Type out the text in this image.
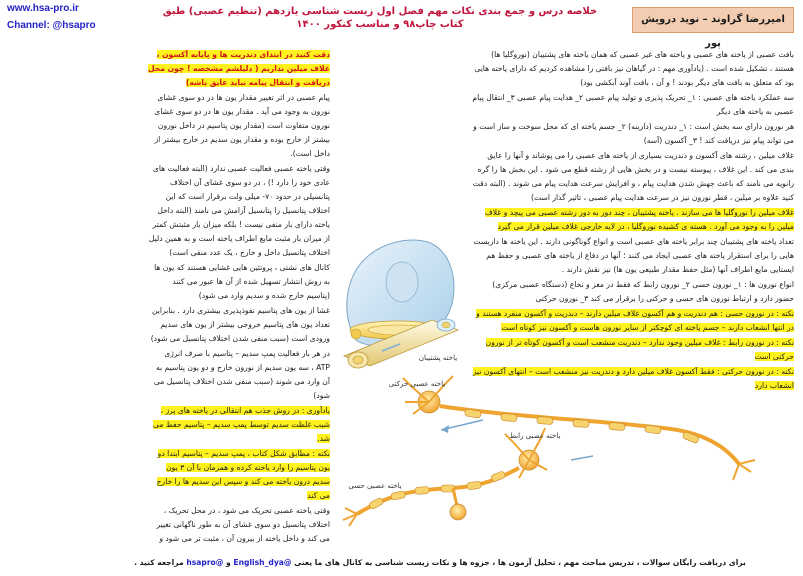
www.hsa-pro.ir
Channel: @hsapro
خلاصه درس و جمع بندی نکات مهم فصل اول زیست شناسی یازدهم (تنظیم عصبی) طبق کتاب چاپ۹۸ و مناسب کنکور ۱۴۰۰	امیررضا گراوند – نوید درویش پور

دقت کنید در ابتدای دندریت ها و پایانه آکسون ، غلاف میلین نداریم ( دلیلشم مشخصه ! چون محل دریافت و انتقال پیامه نباید عایق باشه)

پیام عصبی در اثر تغییر مقدار یون ها در دو سوی غشای نورون به وجود می آید . مقدار یون ها در دو سوی غشای نورون متفاوت است (مقدار یون پتاسیم در داخل نورون بیشتر از خارج بوده و مقدار یون سدیم در خارج بیشتر از داخل است).

وقتی یاخته عصبی فعالیت عصبی ندارد (البته فعالیت های عادی خود را دارد !) ، در دو سوی غشای آن اختلاف پتانسیلی در حدود ۷۰- میلی ولت برقرار است که این اختلاف پتانسیل را پتانسیل آرامش می نامند (البته داخل یاخته دارای بار منفی نیست ! بلکه میزان بار مثبتش کمتر از میزان بار مثبت مایع اطراف یاخته است و به همین دلیل اختلاف پتانسیل داخل و خارج ، یک عدد منفی است)

کانال های نشتی ، پروتئین هایی غشایی هستند که یون ها به روش انتشار تسهیل شده از آن ها عبور می کنند (پتاسیم خارج شده و سدیم وارد می شود)

غشا از یون های پتاسیم نفوذپذیری بیشتری دارد . بنابراین تعداد یون های پتاسیم خروجی بیشتر از یون های سدیم ورودی است (سبب منفی شدن اختلاف پتانسیل می شود)

در هر بار فعالیت پمپ سدیم – پتاسیم با صرف انرژی ATP ، سه یون سدیم از نورون خارج و دو یون پتاسیم به آن وارد می شوند (سبب منفی شدن اختلاف پتانسیل می شود)

یادآوری : در روش جذب هم انتقالی در یاخته های پرز ، شیب غلظت سدیم توسط پمپ سدیم – پتاسیم حفظ می شد.

نکته : مطابق شکل کتاب ، پمپ سدیم – پتاسیم ابتدا دو یون پتاسیم را وارد یاخته کرده و همزمان با آن ۳ یون سدیم درون یاخته می کند و سپس این سدیم ها را خارج می کند

وقتی یاخته عصبی تحریک می شود ، در محل تحریک ، اختلاف پتانسیل دو سوی غشای آن به طور ناگهانی تغییر می کند و داخل یاخته از بیرون آن ، مثبت تر می شود و

یاخته پشتیبان
یاخته عصبی حسی
یاخته عصبی رابط
یاخته عصبی حرکتی

بافت عصبی از یاخته های عصبی و یاخته های غیر عصبی که همان یاخته های پشتیبان (نوروگلیا ها) هستند ، تشکیل شده است . (یادآوری مهم : در گیاهان نیز بافتی را مشاهده کردیم که دارای یاخته هایی بود که متعلق به بافت های دیگر بودند ! و آن ، بافت آوند آبکشی بود)

سه عملکرد یاخته های عصبی : ۱_ تحریک پذیری و تولید پیام عصبی ۲_ هدایت پیام عصبی ۳_ انتقال پیام عصبی به یاخته های دیگر

هر نورون دارای سه بخش است : ۱_ دندریت (دارینه) ۲_ جسم یاخته ای که محل سوخت و ساز است و می تواند پیام نیز دریافت کند ! ۳_ آکسون (آسه)

غلاف میلین ، رشته های آکسون و دندریت بسیاری از یاخته های عصبی را می پوشاند و آنها را عایق بندی می کند . این غلاف ، پیوسته نیست و در بخش هایی از رشته قطع می شود . این بخش ها را گره رانویه می نامند که باعث جهش شدن هدایت پیام ، و افزایش سرعت هدایت پیام می شوند . (البته دقت کنید علاوه بر میلین ، قطر نورون نیز در سرعت هدایت پیام عصبی ، تاثیر گذار است)

غلاف میلین را نوروگلیا ها می سازند . یاخته پشتیبان ، چند دور به دور رشته عصبی می پیچد و غلاف میلین را به وجود می آورد . هسته ی کشیده نوروگلیا ، در لایه خارجی غلاف میلین قرار می گیرد

تعداد یاخته های پشتیبان چند برابر یاخته های عصبی است و انواع گوناگونی دارند . این یاخته ها داربست هایی را برای استقرار یاخته های عصبی ایجاد می کنند ؛ آنها در دفاع از یاخته های عصبی و حفظ هم ایستایی مایع اطراف آنها (مثل حفظ مقدار طبیعی یون ها) نیز نقش دارند .

انواع نورون ها : ۱_ نورون حسی ۲_ نورون رابط که فقط در مغز و نخاع (دستگاه عصبی مرکزی) حضور دارد و ارتباط نورون های حسی و حرکتی را برقرار می کند ۳_ نورون حرکتی

نکته : در نورون حسی : هم دندریت و هم آکسون غلاف میلین دارند – دندریت و آکسون منفرد هستند و در انتها انشعاب دارند – جسم یاخته ای کوچکتر از سایر نورون هاست و آکسون نیز کوتاه است

نکته : در نورون رابط : غلاف میلین وجود ندارد – دندریت منشعب است و آکسون کوتاه تر از نورون حرکتی است

نکته : در نورون حرکتی : فقط آکسون غلاف میلین دارد و دندریت نیز منشعب است – انتهای آکسون نیز انشعاب دارد

برای دریافت رایگان سوالات ، تدریس مباحث مهم ، تحلیل آزمون ها ، جزوه ها و نکات زیست شناسی به کانال های ما یعنی @English_dya و @hsapro مراجعه کنید .
